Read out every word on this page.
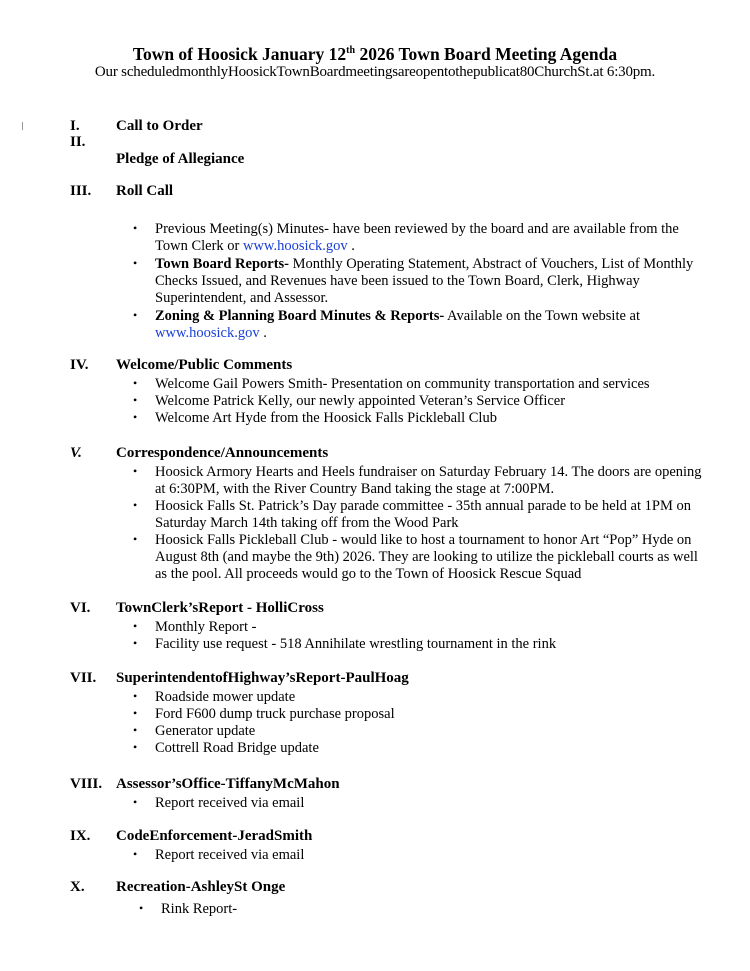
Town of Hoosick January 12th 2026 Town Board Meeting Agenda
Our scheduledmonthlyHoosickTownBoardmeetingsareopentothepublicat80ChurchSt.at 6:30pm.
I. Call to Order
II.
Pledge of Allegiance
III. Roll Call
• Previous Meeting(s) Minutes- have been reviewed by the board and are available from the Town Clerk or www.hoosick.gov .
• Town Board Reports- Monthly Operating Statement, Abstract of Vouchers, List of Monthly Checks Issued, and Revenues have been issued to the Town Board, Clerk, Highway Superintendent, and Assessor.
• Zoning & Planning Board Minutes & Reports- Available on the Town website at www.hoosick.gov .
IV. Welcome/Public Comments
• Welcome Gail Powers Smith- Presentation on community transportation and services
• Welcome Patrick Kelly, our newly appointed Veteran’s Service Officer
• Welcome Art Hyde from the Hoosick Falls Pickleball Club
V. Correspondence/Announcements
• Hoosick Armory Hearts and Heels fundraiser on Saturday February 14. The doors are opening at 6:30PM, with the River Country Band taking the stage at 7:00PM.
• Hoosick Falls St. Patrick’s Day parade committee - 35th annual parade to be held at 1PM on Saturday March 14th taking off from the Wood Park
• Hoosick Falls Pickleball Club - would like to host a tournament to honor Art “Pop” Hyde on August 8th (and maybe the 9th) 2026. They are looking to utilize the pickleball courts as well as the pool. All proceeds would go to the Town of Hoosick Rescue Squad
VI. TownClerk’sReport - HolliCross
• Monthly Report -
• Facility use request - 518 Annihilate wrestling tournament in the rink
VII. SuperintendentofHighway’sReport-PaulHoag
• Roadside mower update
• Ford F600 dump truck purchase proposal
• Generator update
• Cottrell Road Bridge update
VIII. Assessor’sOffice-TiffanyMcMahon
• Report received via email
IX. CodeEnforcement-JeradSmith
• Report received via email
X. Recreation-AshleySt Onge
• Rink Report-
